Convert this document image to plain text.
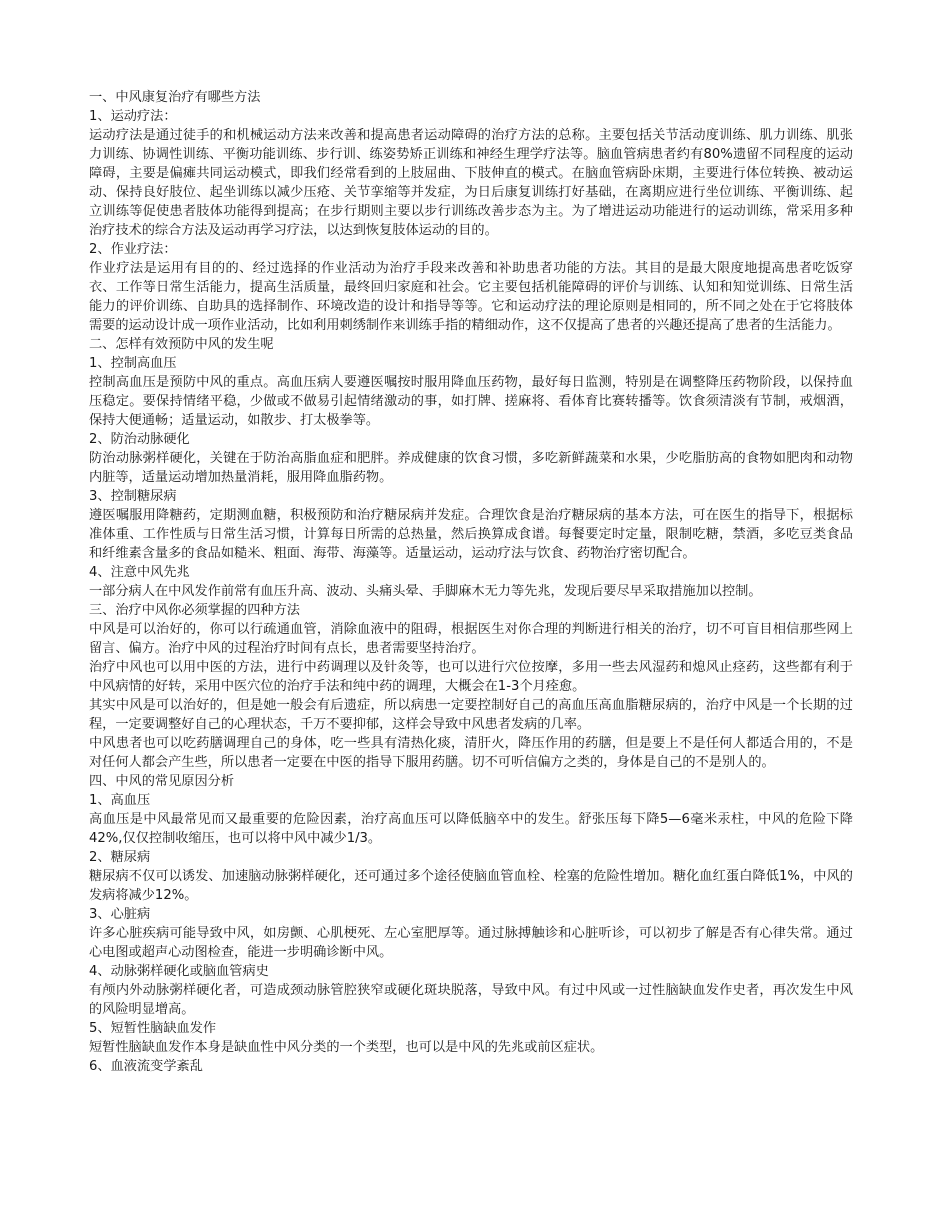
一、中风康复治疗有哪些方法

1、运动疗法：

运动疗法是通过徒手的和机械运动方法来改善和提高患者运动障碍的治疗方法的总称。主要包括关节活动度训练、肌力训练、肌张力训练、协调性训练、平衡功能训练、步行训、练姿势矫正训练和神经生理学疗法等。脑血管病患者约有80%遗留不同程度的运动障碍，主要是偏瘫共同运动模式，即我们经常看到的上肢屈曲、下肢伸直的模式。在脑血管病卧床期，主要进行体位转换、被动运动、保持良好肢位、起坐训练以减少压疮、关节挛缩等并发症，为日后康复训练打好基础，在离期应进行坐位训练、平衡训练、起立训练等促使患者肢体功能得到提高；在步行期则主要以步行训练改善步态为主。为了增进运动功能进行的运动训练，常采用多种治疗技术的综合方法及运动再学习疗法，以达到恢复肢体运动的目的。

2、作业疗法：

作业疗法是运用有目的的、经过选择的作业活动为治疗手段来改善和补助患者功能的方法。其目的是最大限度地提高患者吃饭穿衣、工作等日常生活能力，提高生活质量，最终回归家庭和社会。它主要包括机能障碍的评价与训练、认知和知觉训练、日常生活能力的评价训练、自助具的选择制作、环境改造的设计和指导等等。它和运动疗法的理论原则是相同的，所不同之处在于它将肢体需要的运动设计成一项作业活动，比如利用刺绣制作来训练手指的精细动作，这不仅提高了患者的兴趣还提高了患者的生活能力。

二、怎样有效预防中风的发生呢

1、控制高血压

控制高血压是预防中风的重点。高血压病人要遵医嘱按时服用降血压药物，最好每日监测，特别是在调整降压药物阶段，以保持血压稳定。要保持情绪平稳，少做或不做易引起情绪激动的事，如打牌、搓麻将、看体育比赛转播等。饮食须清淡有节制，戒烟酒，保持大便通畅；适量运动，如散步、打太极拳等。

2、防治动脉硬化

防治动脉粥样硬化，关键在于防治高脂血症和肥胖。养成健康的饮食习惯，多吃新鲜蔬菜和水果，少吃脂肪高的食物如肥肉和动物内脏等，适量运动增加热量消耗，服用降血脂药物。

3、控制糖尿病

遵医嘱服用降糖药，定期测血糖，积极预防和治疗糖尿病并发症。合理饮食是治疗糖尿病的基本方法，可在医生的指导下，根据标准体重、工作性质与日常生活习惯，计算每日所需的总热量，然后换算成食谱。每餐要定时定量，限制吃糖，禁酒，多吃豆类食品和纤维素含量多的食品如糙米、粗面、海带、海藻等。适量运动，运动疗法与饮食、药物治疗密切配合。

4、注意中风先兆

一部分病人在中风发作前常有血压升高、波动、头痛头晕、手脚麻木无力等先兆，发现后要尽早采取措施加以控制。

三、治疗中风你必须掌握的四种方法

中风是可以治好的，你可以行疏通血管，消除血液中的阻碍，根据医生对你合理的判断进行相关的治疗，切不可盲目相信那些网上留言、偏方。治疗中风的过程治疗时间有点长，患者需要坚持治疗。

治疗中风也可以用中医的方法，进行中药调理以及针灸等，也可以进行穴位按摩，多用一些去风湿药和熄风止痉药，这些都有利于中风病情的好转，采用中医穴位的治疗手法和纯中药的调理，大概会在1-3个月痊愈。

其实中风是可以治好的，但是她一般会有后遗症，所以病患一定要控制好自己的高血压高血脂糖尿病的，治疗中风是一个长期的过程，一定要调整好自己的心理状态，千万不要抑郁，这样会导致中风患者发病的几率。

中风患者也可以吃药膳调理自己的身体，吃一些具有清热化痰，清肝火，降压作用的药膳，但是要上不是任何人都适合用的，不是对任何人都会产生些，所以患者一定要在中医的指导下服用药膳。切不可听信偏方之类的，身体是自己的不是别人的。

四、中风的常见原因分析

1、高血压

高血压是中风最常见而又最重要的危险因素，治疗高血压可以降低脑卒中的发生。舒张压每下降5—6毫米汞柱，中风的危险下降42%,仅仅控制收缩压，也可以将中风中减少1/3。

2、糖尿病

糖尿病不仅可以诱发、加速脑动脉粥样硬化，还可通过多个途径使脑血管血栓、栓塞的危险性增加。糖化血红蛋白降低1%，中风的发病将减少12%。

3、心脏病

许多心脏疾病可能导致中风，如房颤、心肌梗死、左心室肥厚等。通过脉搏触诊和心脏听诊，可以初步了解是否有心律失常。通过心电图或超声心动图检查，能进一步明确诊断中风。

4、动脉粥样硬化或脑血管病史

有颅内外动脉粥样硬化者，可造成颈动脉管腔狭窄或硬化斑块脱落，导致中风。有过中风或一过性脑缺血发作史者，再次发生中风的风险明显增高。

5、短暂性脑缺血发作

短暂性脑缺血发作本身是缺血性中风分类的一个类型，也可以是中风的先兆或前区症状。

6、血液流变学紊乱
